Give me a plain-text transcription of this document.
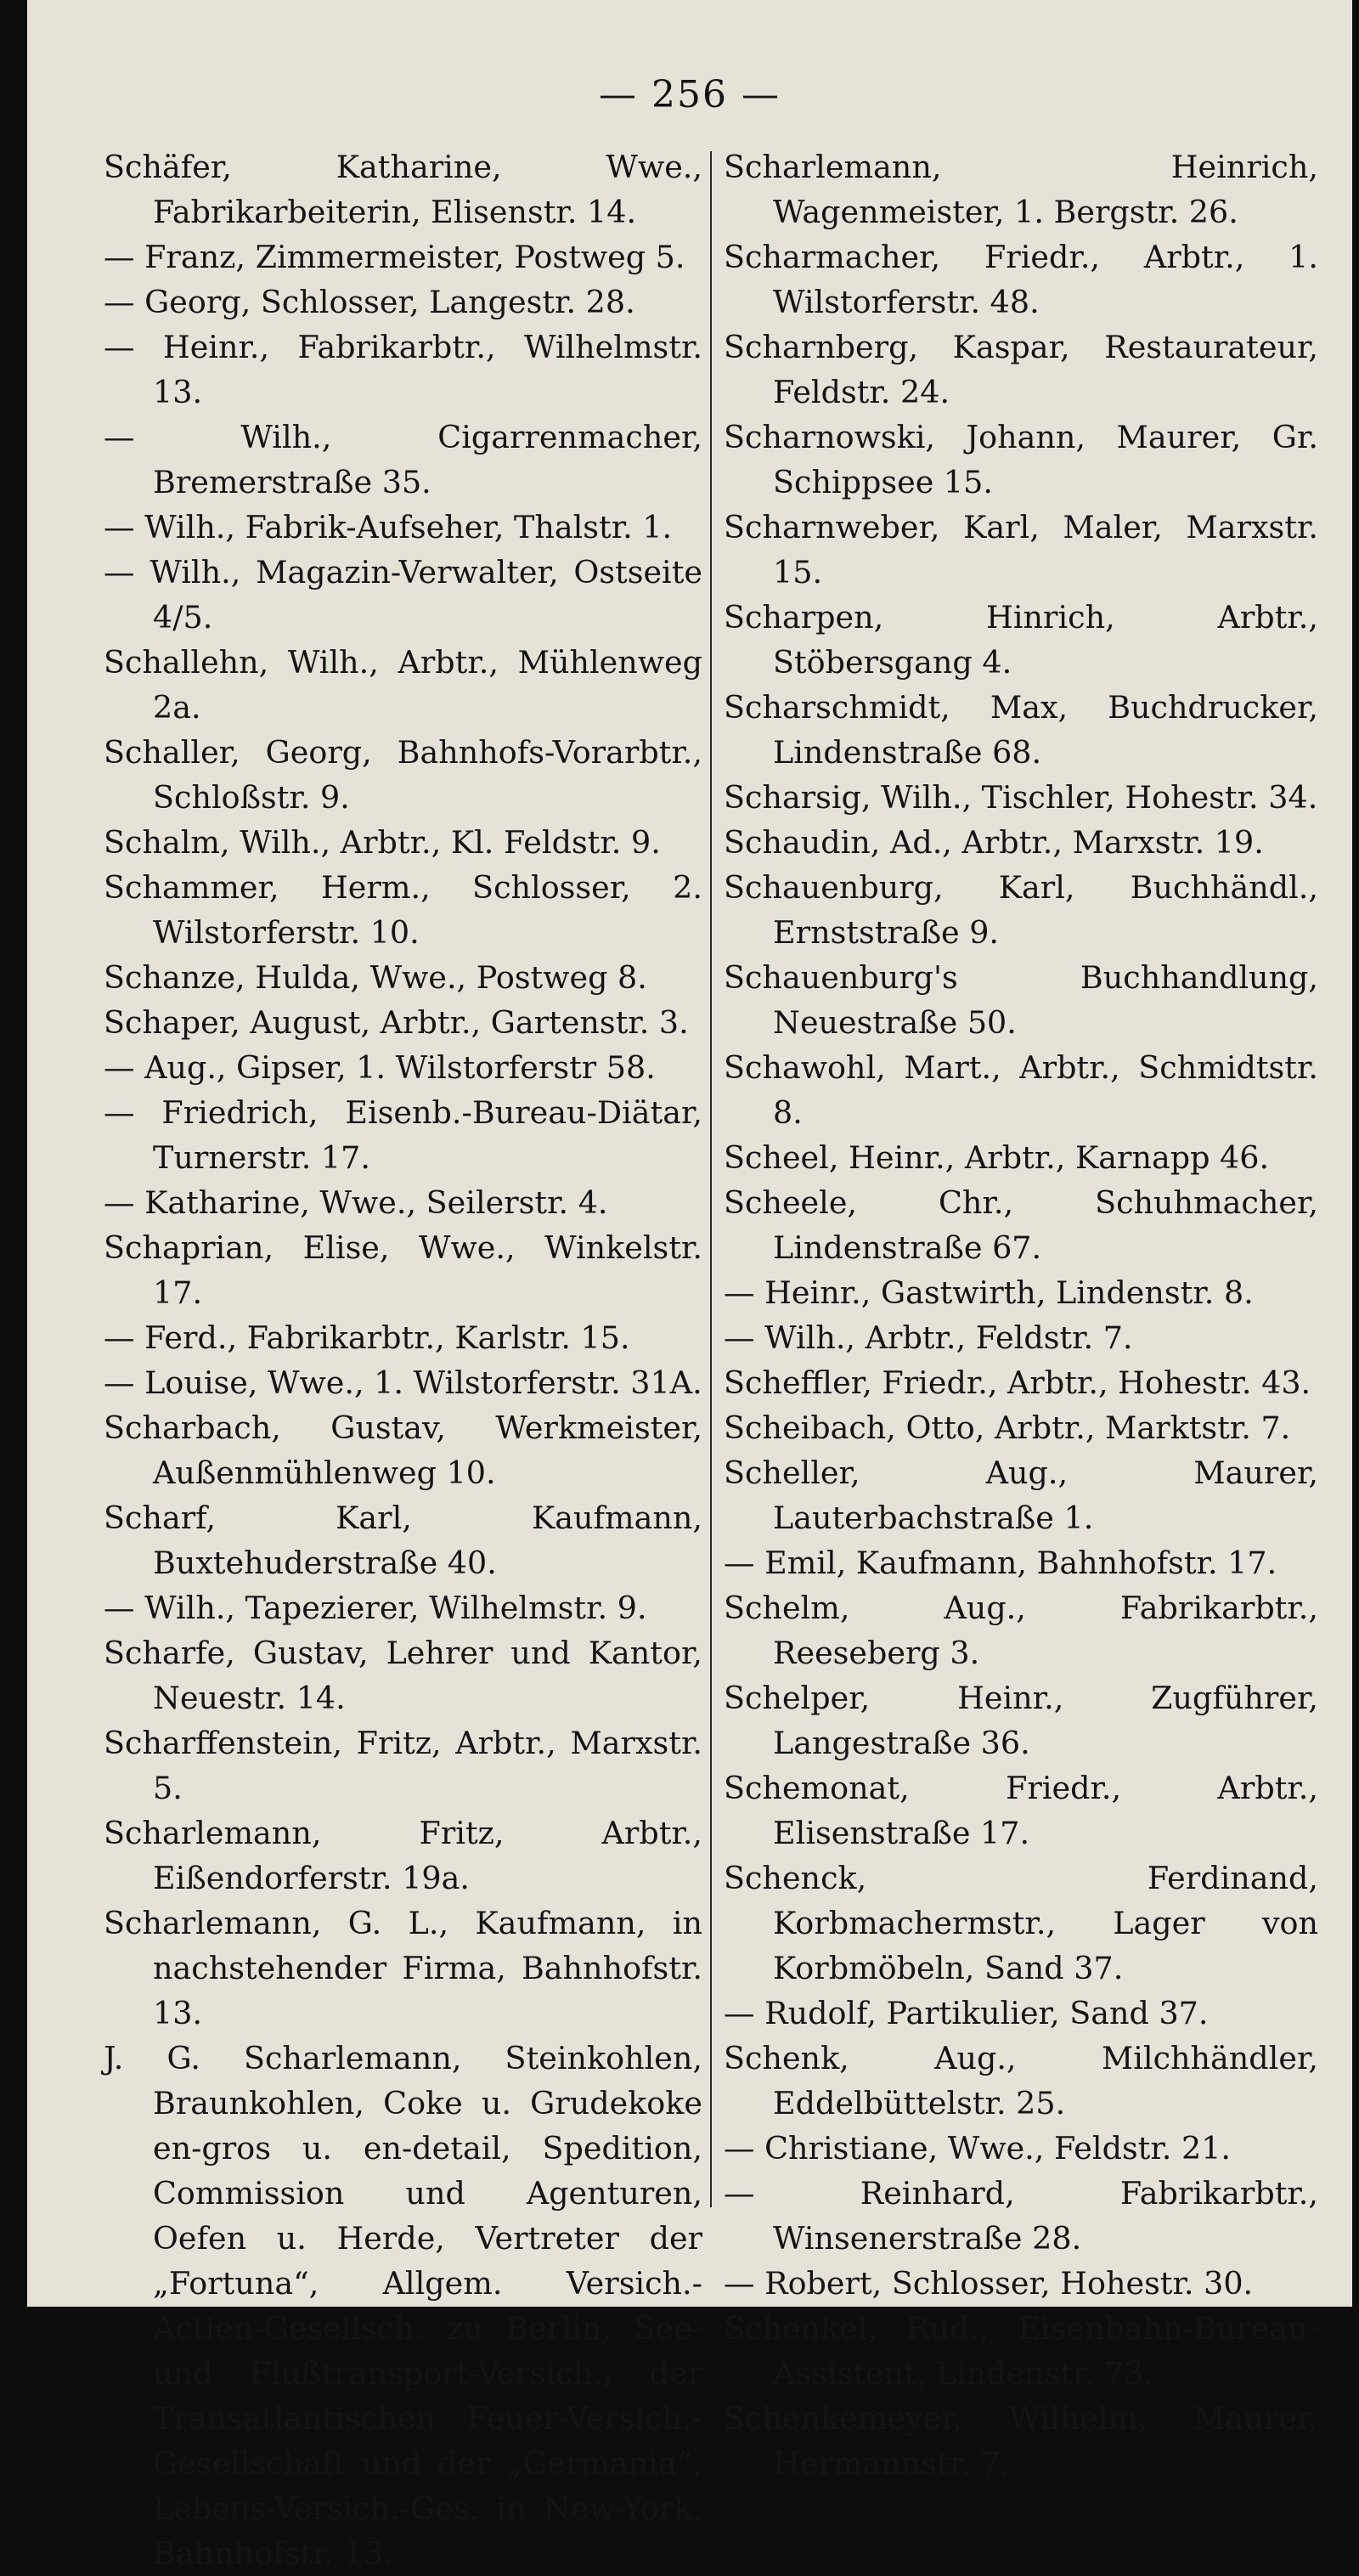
— 256 —

Schäfer, Katharine, Wwe., Fabrikarbeiterin, Elisenstr. 14.

— Franz, Zimmermeister, Postweg 5.

— Georg, Schlosser, Langestr. 28.

— Heinr., Fabrikarbtr., Wilhelmstr. 13.

— Wilh., Cigarrenmacher, Bremerstraße 35.

— Wilh., Fabrik-Aufseher, Thalstr. 1.

— Wilh., Magazin-Verwalter, Ostseite 4/5.

Schallehn, Wilh., Arbtr., Mühlenweg 2a.

Schaller, Georg, Bahnhofs-Vorarbtr., Schloßstr. 9.

Schalm, Wilh., Arbtr., Kl. Feldstr. 9.

Schammer, Herm., Schlosser, 2. Wilstorferstr. 10.

Schanze, Hulda, Wwe., Postweg 8.

Schaper, August, Arbtr., Gartenstr. 3.

— Aug., Gipser, 1. Wilstorferstr 58.

— Friedrich, Eisenb.-Bureau-Diätar, Turnerstr. 17.

— Katharine, Wwe., Seilerstr. 4.

Schaprian, Elise, Wwe., Winkelstr. 17.

— Ferd., Fabrikarbtr., Karlstr. 15.

— Louise, Wwe., 1. Wilstorferstr. 31A.

Scharbach, Gustav, Werkmeister, Außenmühlenweg 10.

Scharf, Karl, Kaufmann, Buxtehuderstraße 40.

— Wilh., Tapezierer, Wilhelmstr. 9.

Scharfe, Gustav, Lehrer und Kantor, Neuestr. 14.

Scharffenstein, Fritz, Arbtr., Marxstr. 5.

Scharlemann, Fritz, Arbtr., Eißendorferstr. 19a.

Scharlemann, G. L., Kaufmann, in nachstehender Firma, Bahnhofstr. 13.

J. G. Scharlemann, Steinkohlen, Braunkohlen, Coke u. Grudekoke en-gros u. en-detail, Spedition, Commission und Agenturen, Oefen u. Herde, Vertreter der „Fortuna“, Allgem. Versich.-Actien-Gesellsch. zu Berlin, See- und Flußtransport-Versich., der Transatlantischen Feuer-Versich.-Gesellschaft und der „Germania“, Lebens-Versich.-Ges. in New-York, Bahnhofstr. 13.

Scharlemann, Heinrich, Wagenmeister, 1. Bergstr. 26.

Scharmacher, Friedr., Arbtr., 1. Wilstorferstr. 48.

Scharnberg, Kaspar, Restaurateur, Feldstr. 24.

Scharnowski, Johann, Maurer, Gr. Schippsee 15.

Scharnweber, Karl, Maler, Marxstr. 15.

Scharpen, Hinrich, Arbtr., Stöbersgang 4.

Scharschmidt, Max, Buchdrucker, Lindenstraße 68.

Scharsig, Wilh., Tischler, Hohestr. 34.

Schaudin, Ad., Arbtr., Marxstr. 19.

Schauenburg, Karl, Buchhändl., Ernststraße 9.

Schauenburg's Buchhandlung, Neuestraße 50.

Schawohl, Mart., Arbtr., Schmidtstr. 8.

Scheel, Heinr., Arbtr., Karnapp 46.

Scheele, Chr., Schuhmacher, Lindenstraße 67.

— Heinr., Gastwirth, Lindenstr. 8.

— Wilh., Arbtr., Feldstr. 7.

Scheffler, Friedr., Arbtr., Hohestr. 43.

Scheibach, Otto, Arbtr., Marktstr. 7.

Scheller, Aug., Maurer, Lauterbachstraße 1.

— Emil, Kaufmann, Bahnhofstr. 17.

Schelm, Aug., Fabrikarbtr., Reeseberg 3.

Schelper, Heinr., Zugführer, Langestraße 36.

Schemonat, Friedr., Arbtr., Elisenstraße 17.

Schenck, Ferdinand, Korbmachermstr., Lager von Korbmöbeln, Sand 37.

— Rudolf, Partikulier, Sand 37.

Schenk, Aug., Milchhändler, Eddelbüttelstr. 25.

— Christiane, Wwe., Feldstr. 21.

— Reinhard, Fabrikarbtr., Winsenerstraße 28.

— Robert, Schlosser, Hohestr. 30.

Schenkel, Rud., Eisenbahn-Bureau-Assistent, Lindenstr. 73.

Schenkemeyer, Wilhelm, Maurer, Hermannstr. 7.
